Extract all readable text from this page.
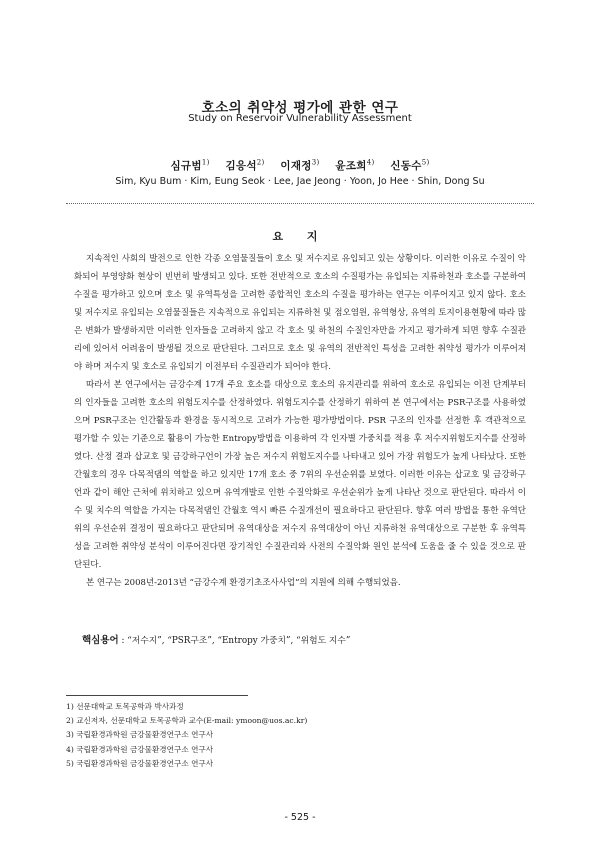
호소의 취약성 평가에 관한 연구
Study on Reservoir Vulnerability Assessment
심규범$^{1)}$ 김응석$^{2)}$ 이재정$^{3)}$ 윤조희$^{4)}$ 신동수$^{5)}$
Sim, Kyu Bum · Kim, Eung Seok · Lee, Jae Jeong · Yoon, Jo Hee · Shin, Dong Su
요 지

지속적인 사회의 발전으로 인한 각종 오염물질들이 호소 및 저수지로 유입되고 있는 상황이다. 이러한 이유로 수질이 악화되어 부영양화 현상이 빈번히 발생되고 있다. 또한 전반적으로 호소의 수질평가는 유입되는 지류하천과 호소를 구분하여 수질을 평가하고 있으며 호소 및 유역특성을 고려한 종합적인 호소의 수질을 평가하는 연구는 이루어지고 있지 않다. 호소 및 저수지로 유입되는 오염물질들은 지속적으로 유입되는 지류하천 및 점오염원, 유역형상, 유역의 토지이용현황에 따라 많은 변화가 발생하지만 이러한 인자들을 고려하지 않고 각 호소 및 하천의 수질인자만을 가지고 평가하게 되면 향후 수질관리에 있어서 어려움이 발생될 것으로 판단된다. 그러므로 호소 및 유역의 전반적인 특성을 고려한 취약성 평가가 이루어져야 하며 저수지 및 호소로 유입되기 이전부터 수질관리가 되어야 한다.

따라서 본 연구에서는 금강수계 17개 주요 호소를 대상으로 호소의 유지관리를 위하여 호소로 유입되는 이전 단계부터의 인자들을 고려한 호소의 위험도지수를 산정하였다. 위험도지수를 산정하기 위하여 본 연구에서는 PSR구조를 사용하였으며 PSR구조는 인간활동과 환경을 동시적으로 고려가 가능한 평가방법이다. PSR 구조의 인자를 선정한 후 객관적으로 평가할 수 있는 기준으로 활용이 가능한 Entropy방법을 이용하여 각 인자별 가중치를 적용 후 저수지위험도지수를 산정하였다. 산정 결과 삽교호 및 금강하구언이 가장 높은 저수지 위험도지수를 나타내고 있어 가장 위험도가 높게 나타났다. 또한 간월호의 경우 다목적댐의 역할을 하고 있지만 17개 호소 중 7위의 우선순위를 보였다. 이러한 이유는 삽교호 및 금강하구언과 같이 해안 근처에 위치하고 있으며 유역개발로 인한 수질악화로 우선순위가 높게 나타난 것으로 판단된다. 따라서 이수 및 치수의 역할을 가지는 다목적댐인 간월호 역시 빠른 수질개선이 필요하다고 판단된다. 향후 여러 방법을 통한 유역단위의 우선순위 결정이 필요하다고 판단되며 유역대상을 저수지 유역대상이 아닌 지류하천 유역대상으로 구분한 후 유역특성을 고려한 취약성 분석이 이루어진다면 장기적인 수질관리와 사전의 수질악화 원인 분석에 도움을 줄 수 있을 것으로 판단된다.

본 연구는 2008년-2013년 “금강수계 환경기초조사사업”의 지원에 의해 수행되었음.

핵심용어 : “저수지”, “PSR구조”, “Entropy 가중치”, “위험도 지수”
1) 선문대학교 토목공학과 박사과정
2) 교신저자, 선문대학교 토목공학과 교수(E-mail: ymoon@uos.ac.kr)
3) 국립환경과학원 금강물환경연구소 연구사
4) 국립환경과학원 금강물환경연구소 연구사
5) 국립환경과학원 금강물환경연구소 연구사
- 525 -
